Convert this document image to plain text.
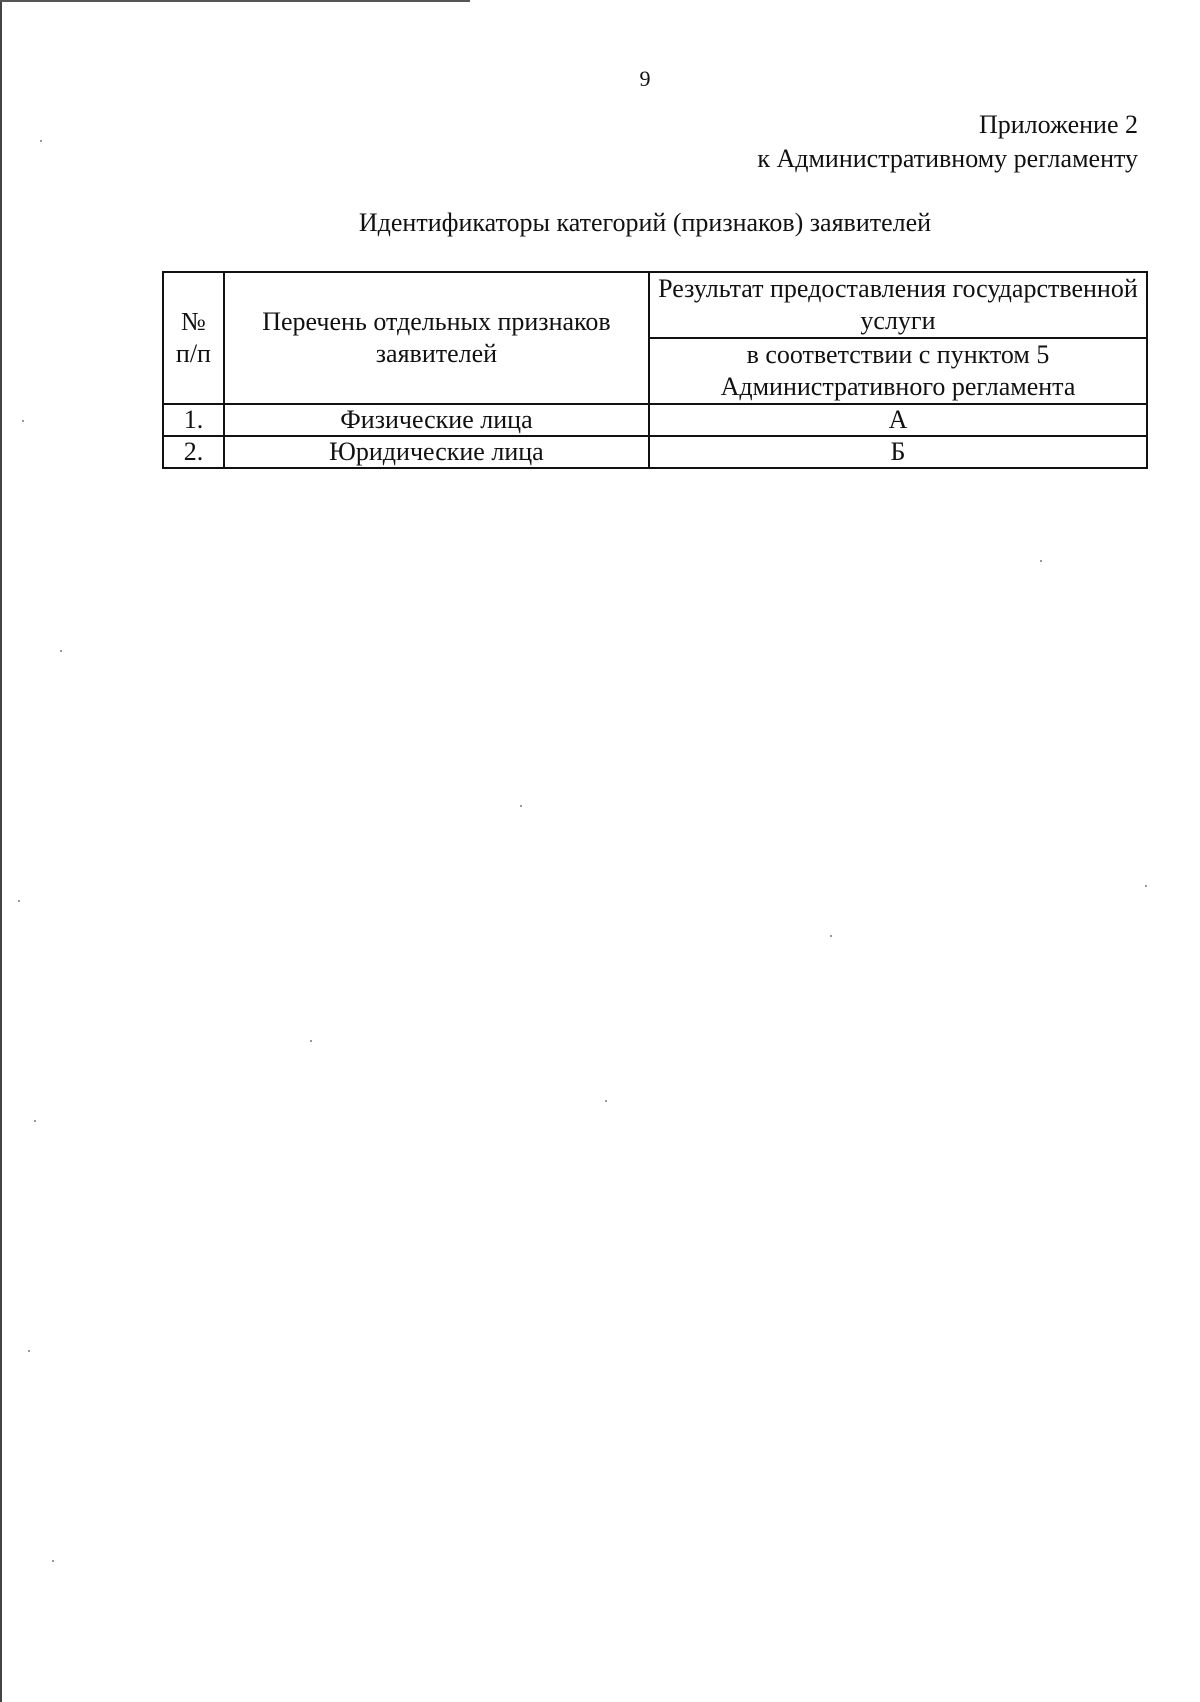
9
Приложение 2
к Административному регламенту
Идентификаторы категорий (признаков) заявителей
№ п/п	Перечень отдельных признаков заявителей	Результат предоставления государственной услуги
		в соответствии с пунктом 5 Административного регламента
1.	Физические лица	А
2.	Юридические лица	Б
